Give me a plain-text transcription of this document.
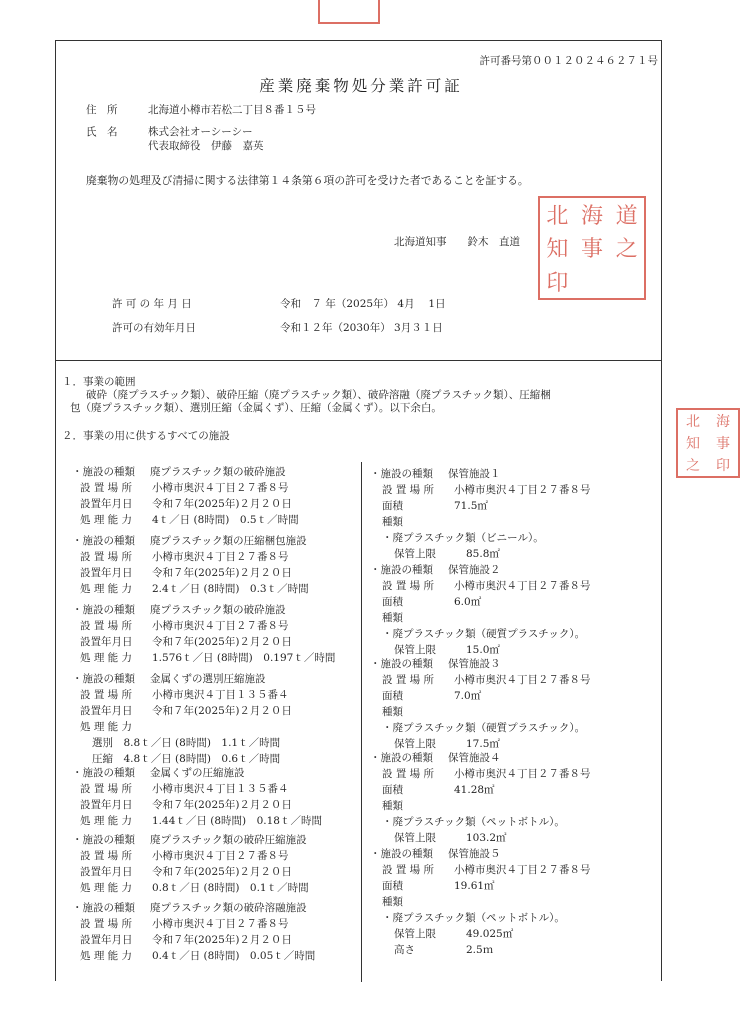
許可番号第００１２０２４６２７１号
産業廃棄物処分業許可証
住　所	北海道小樽市若松二丁目８番１５号
氏　名	株式会社オーシーシー
代表取締役　伊藤　嘉英
廃棄物の処理及び清掃に関する法律第１４条第６項の許可を受けた者であることを証する。
北海道知事　　鈴木　直道
北 海 道
知 事 之
印
北	海
知	事
之	印
許 可 の 年 月 日	令和　７ 年（2025年） 4月　 1日
許可の有効年月日	令和１２年（2030年） 3月３１日
１．事業の範囲
破砕（廃プラスチック類）、破砕圧縮（廃プラスチック類）、破砕溶融（廃プラスチック類）、圧縮梱
包（廃プラスチック類）、選別圧縮（金属くず）、圧縮（金属くず）。以下余白。
２．事業の用に供するすべての施設
・施設の種類 廃プラスチック類の破砕施設
設 置 場 所 小樽市奥沢４丁目２７番８号
設置年月日 令和７年(2025年)２月２０日
処 理 能 力 4ｔ／日 (8時間)　0.5ｔ／時間
・施設の種類 廃プラスチック類の圧縮梱包施設
設 置 場 所 小樽市奥沢４丁目２７番８号
設置年月日 令和７年(2025年)２月２０日
処 理 能 力 2.4ｔ／日 (8時間)　0.3ｔ／時間
・施設の種類 廃プラスチック類の破砕施設
設 置 場 所 小樽市奥沢４丁目２７番８号
設置年月日 令和７年(2025年)２月２０日
処 理 能 力 1.576ｔ／日 (8時間)　0.197ｔ／時間
・施設の種類 金属くずの選別圧縮施設
設 置 場 所 小樽市奥沢４丁目１３５番４
設置年月日 令和７年(2025年)２月２０日
処 理 能 力
選別　8.8ｔ／日 (8時間)　1.1ｔ／時間
圧縮　4.8ｔ／日 (8時間)　0.6ｔ／時間
・施設の種類 金属くずの圧縮施設
設 置 場 所 小樽市奥沢４丁目１３５番４
設置年月日 令和７年(2025年)２月２０日
処 理 能 力 1.44ｔ／日 (8時間)　0.18ｔ／時間
・施設の種類 廃プラスチック類の破砕圧縮施設
設 置 場 所 小樽市奥沢４丁目２７番８号
設置年月日 令和７年(2025年)２月２０日
処 理 能 力 0.8ｔ／日 (8時間)　0.1ｔ／時間
・施設の種類 廃プラスチック類の破砕溶融施設
設 置 場 所 小樽市奥沢４丁目２７番８号
設置年月日 令和７年(2025年)２月２０日
処 理 能 力 0.4ｔ／日 (8時間)　0.05ｔ／時間
・施設の種類 保管施設１
設 置 場 所 小樽市奥沢４丁目２７番８号
面積	71.5㎡
種類
・廃プラスチック類（ビニール）。
保管上限	85.8㎡
・施設の種類 保管施設２
設 置 場 所 小樽市奥沢４丁目２７番８号
面積	6.0㎡
種類
・廃プラスチック類（硬質プラスチック）。
保管上限	15.0㎡
・施設の種類 保管施設３
設 置 場 所 小樽市奥沢４丁目２７番８号
面積	7.0㎡
種類
・廃プラスチック類（硬質プラスチック）。
保管上限	17.5㎡
・施設の種類 保管施設４
設 置 場 所 小樽市奥沢４丁目２７番８号
面積	41.28㎡
種類
・廃プラスチック類（ペットボトル）。
保管上限	103.2㎡
・施設の種類 保管施設５
設 置 場 所 小樽市奥沢４丁目２７番８号
面積	19.61㎡
種類
・廃プラスチック類（ペットボトル）。
保管上限	49.025㎡
高さ	2.5ｍ
